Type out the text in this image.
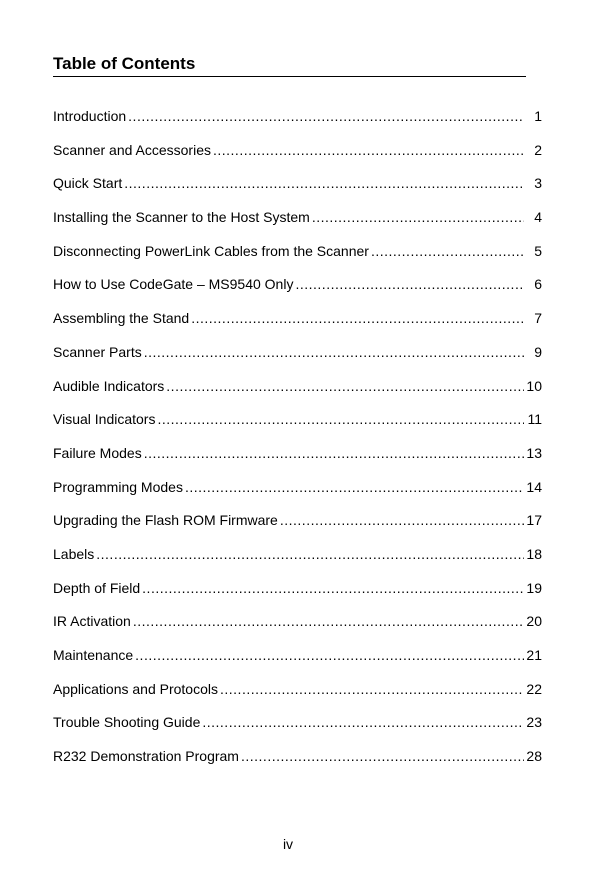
Table of Contents
Introduction .....	1
Scanner and Accessories .....	2
Quick Start .....	3
Installing the Scanner to the Host System .....	4
Disconnecting PowerLink Cables from the Scanner .....	5
How to Use CodeGate – MS9540 Only .....	6
Assembling the Stand .....	7
Scanner Parts .....	9
Audible Indicators .....	10
Visual Indicators .....	11
Failure Modes .....	13
Programming Modes .....	14
Upgrading the Flash ROM Firmware .....	17
Labels .....	18
Depth of Field .....	19
IR Activation .....	20
Maintenance .....	21
Applications and Protocols .....	22
Trouble Shooting Guide .....	23
R232 Demonstration Program .....	28
iv
